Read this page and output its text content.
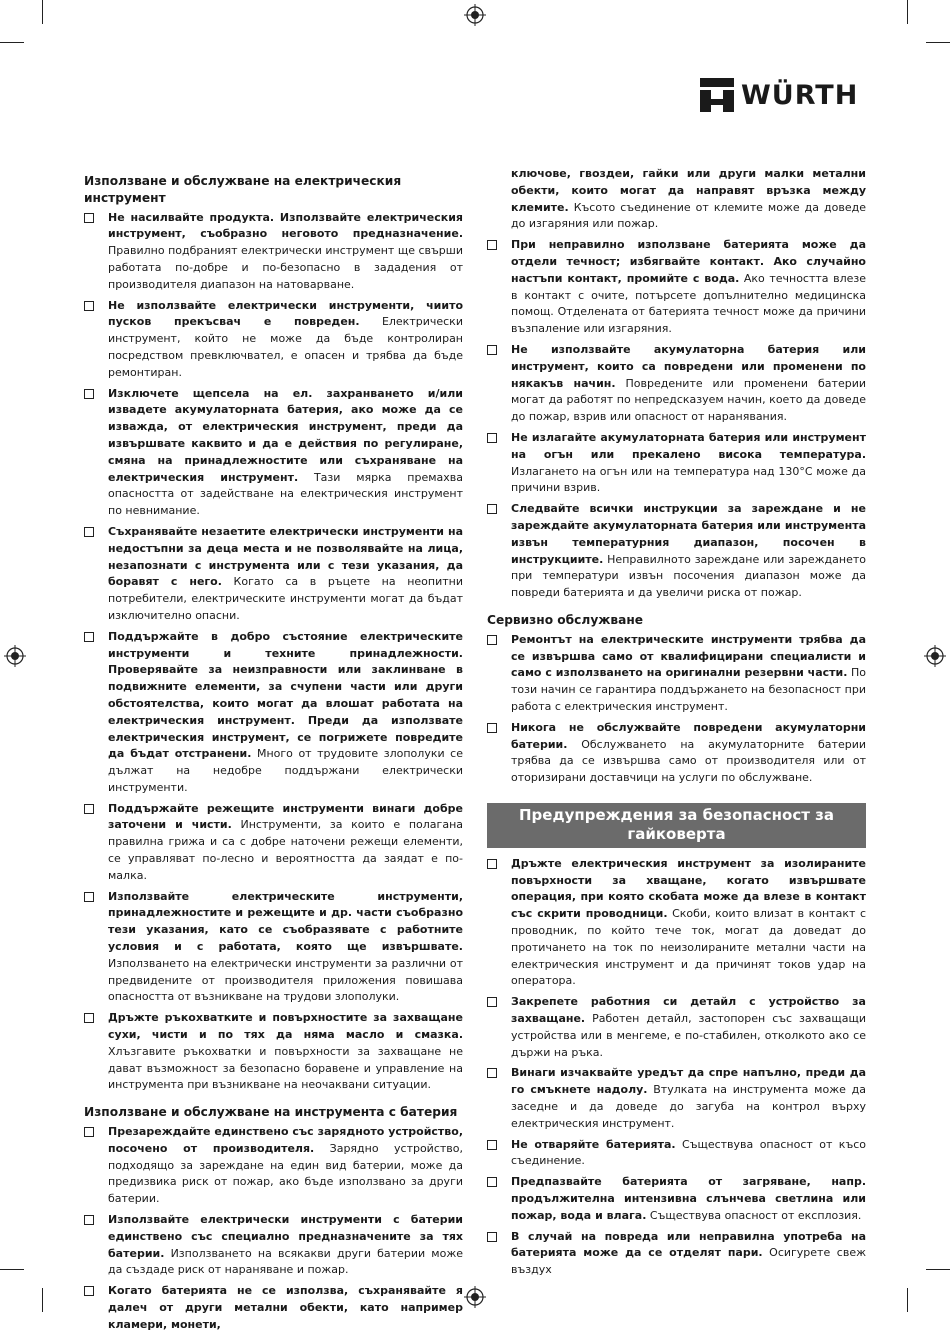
WÜRTH
Използване и обслужване на електрическия инструмент
Не насилвайте продукта. Използвайте електрическия инструмент, съобразно неговото предназначение. Правилно подбраният електрически инструмент ще свърши работата по-добре и по-безопасно в зададения от производителя диапазон на натоварване.
Не използвайте електрически инструменти, чиито пусков прекъсвач е повреден. Електрически инструмент, който не може да бъде контролиран посредством превключвател, е опасен и трябва да бъде ремонтиран.
Изключете щепсела на ел. захранването и/или извадете акумулаторната батерия, ако може да се изважда, от електрическия инструмент, преди да извършвате каквито и да е действия по регулиране, смяна на принадлежностите или съхраняване на електрическия инструмент. Тази мярка премахва опасността от задействане на електрическия инструмент по невнимание.
Съхранявайте незаетите електрически инструменти на недостъпни за деца места и не позволявайте на лица, незапознати с инструмента или с тези указания, да боравят с него. Когато са в ръцете на неопитни потребители, електрическите инструменти могат да бъдат изключително опасни.
Поддържайте в добро състояние електрическите инструменти и техните принадлежности. Проверявайте за неизправности или заклинване в подвижните елементи, за счупени части или други обстоятелства, които могат да влошат работата на електрическия инструмент. Преди да използвате електрическия инструмент, се погрижете повредите да бъдат отстранени. Много от трудовите злополуки се дължат на недобре поддържани електрически инструменти.
Поддържайте режещите инструменти винаги добре заточени и чисти. Инструменти, за които е полагана правилна грижа и са с добре наточени режещи елементи, се управляват по-лесно и вероятността да заядат е по-малка.
Използвайте електрическите инструменти, принадлежностите и режещите и др. части съобразно тези указания, като се съобразявате с работните условия и с работата, която ще извършвате. Използването на електрически инструменти за различни от предвидените от производителя приложения повишава опасността от възникване на трудови злополуки.
Дръжте ръкохватките и повърхностите за захващане сухи, чисти и по тях да няма масло и смазка. Хлъзгавите ръкохватки и повърхности за захващане не дават възможност за безопасно боравене и управление на инструмента при възникване на неочаквани ситуации.
Използване и обслужване на инструмента с батерия
Презареждайте единствено със зарядното устройство, посочено от производителя. Зарядно устройство, подходящо за зареждане на един вид батерии, може да предизвика риск от пожар, ако бъде използвано за други батерии.
Използвайте електрически инструменти с батерии единствено със специално предназначените за тях батерии. Използването на всякакви други батерии може да създаде риск от нараняване и пожар.
Когато батерията не се използва, съхранявайте я далеч от други метални обекти, като например кламери, монети,
ключове, гвоздеи, гайки или други малки метални обекти, които могат да направят връзка между клемите. Късото съединение от клемите може да доведе до изгаряния или пожар.
При неправилно използване батерията може да отдели течност; избягвайте контакт. Ако случайно настъпи контакт, промийте с вода. Ако течността влезе в контакт с очите, потърсете допълнително медицинска помощ. Отделената от батерията течност може да причини възпаление или изгаряния.
Не използвайте акумулаторна батерия или инструмент, които са повредени или променени по някакъв начин. Повредените или променени батерии могат да работят по непредсказуем начин, което да доведе до пожар, взрив или опасност от наранявания.
Не излагайте акумулаторната батерия или инструмент на огън или прекалено висока температура. Излагането на огън или на температура над 130°С може да причини взрив.
Следвайте всички инструкции за зареждане и не зареждайте акумулаторната батерия или инструмента извън температурния диапазон, посочен в инструкциите. Неправилното зареждане или зареждането при температури извън посочения диапазон може да повреди батерията и да увеличи риска от пожар.
Сервизно обслужване
Ремонтът на електрическите инструменти трябва да се извършва само от квалифицирани специалисти и само с използването на оригинални резервни части. По този начин се гарантира поддържането на безопасност при работа с електрическия инструмент.
Никога не обслужвайте повредени акумулаторни батерии. Обслужването на акумулаторните батерии трябва да се извършва само от производителя или от оторизирани доставчици на услуги по обслужване.
Предупреждения за безопасност за гайковерта
Дръжте електрическия инструмент за изолираните повърхности за хващане, когато извършвате операция, при която скобата може да влезе в контакт със скрити проводници. Скоби, които влизат в контакт с проводник, по който тече ток, могат да доведат до протичането на ток по неизолираните метални части на електрическия инструмент и да причинят токов удар на оператора.
Закрепете работния си детайл с устройство за захващане. Работен детайл, застопорен със захващащи устройства или в менгеме, е по-стабилен, отколкото ако се държи на ръка.
Винаги изчаквайте уредът да спре напълно, преди да го смъкнете надолу. Втулката на инструмента може да заседне и да доведе до загуба на контрол върху електрическия инструмент.
Не отваряйте батерията. Съществува опасност от късо съединение.
Предпазвайте батерията от загряване, напр. продължителна интензивна слънчева светлина или пожар, вода и влага. Съществува опасност от експлозия.
В случай на повреда или неправилна употреба на батерията може да се отделят пари. Осигурете свеж въздух
